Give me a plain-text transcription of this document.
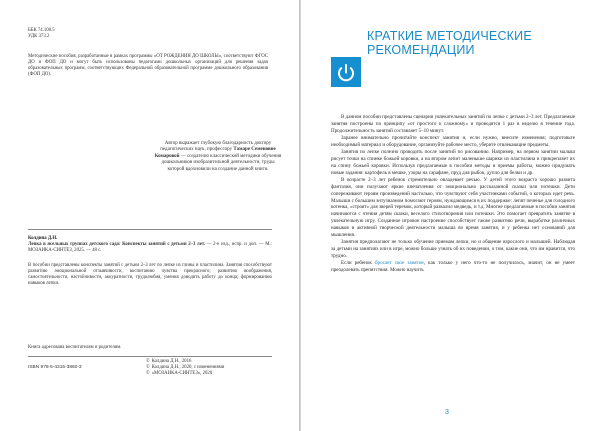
ББК 74.100.5

УДК 373.2

Методические пособия, разработанные в рамках программы «ОТ РОЖДЕНИЯ ДО ШКОЛЫ», соответствуют ФГОС ДО и ФОП ДО и могут быть использованы педагогами дошкольных организаций для решения задач образовательных программ, соответствующих Федеральной образовательной программе дошкольного образования (ФОП ДО).

Автор выражает глубокую благодарность доктору педагогических наук, профессору Тамаре Семеновне Комаровой — создателю классической методики обучения дошкольников изобразительной деятельности, труды которой вдохновили на создание данной книги.
Колдина Д.Н.

Лепка в ясельных группах детского сада: Конспекты занятий с детьми 2–3 лет. — 2-е изд., испр. и доп. — М.: МОЗАИКА-СИНТЕЗ, 2025. — 48 с.

В пособии представлены конспекты занятий с детьми 2–3 лет по лепке из глины и пластилина. Занятия способствуют развитию эмоциональной отзывчивости, воспитанию чувства прекрасного; развитию воображения, самостоятельности, настойчивости, аккуратности, трудолюбия, умения доводить работу до конца; формированию навыков лепки.

Книга адресована воспитателям и родителям.
ISBN 978-5-4315-3860-3
© Колдина Д.Н., 2016
© Колдина Д.Н., 2020, с изменениями
© «МОЗАИКА-СИНТЕЗ», 2020
КРАТКИЕ МЕТОДИЧЕСКИЕ
РЕКОМЕНДАЦИИ

В данном пособии представлены сценарии увлекательных занятий по лепке с детьми 2–3 лет. Предлагаемые занятия построены по принципу «от простого к сложному» и проводятся 1 раз в неделю в течение года. Продолжительность занятий составляет 5–10 минут.

Заранее внимательно прочитайте конспект занятия и, если нужно, внесите изменения; подготовьте необходимый материал и оборудование, организуйте рабочее место, уберите отвлекающие предметы.

Занятия по лепке полезно проводить после занятий по рисованию. Например, на первом занятии малыш рисует точки на спинке божьей коровки, а на втором лепит маленькие шарики из пластилина и прикрепляет их на спину божьей коровки. Используя предлагаемые в пособии методы и приемы работы, можно придумать новые задания: картофель в мешке, узоры на сарафане, пруд для рыбок, дупло для белки и др.

В возрасте 2–3 лет ребенок стремительно овладевает речью. У детей этого возраста хорошо развита фантазия, они получают яркие впечатления от эмоционально рассказанной сказки или потешки. Дети сопереживают героям произведений настолько, что чувствуют себя участниками событий, о которых идет речь. Малыши с большим энтузиазмом помогают героям, нуждающимся в их поддержке: лепят печенье для голодного котенка, «строят» для зверей теремок, который развалил медведь, и т.д. Многие предлагаемые в пособии занятия начинаются с чтения детям сказки, веселого стихотворения или потешки. Это помогает превратить занятие в увлекательную игру. Созданное игровое настроение способствует также развитию речи, выработке различных навыков и активной творческой деятельности малыша во время занятия, и у ребенка нет оснований для мышления.

Занятия предполагают не только обучение приемам лепки, но и общение взрослого и малышей. Наблюдая за детьми на занятиях или в игре, можно больше узнать об их поведении, о том, какие они, что им нравится, что трудно.

Если ребенок бросает свое занятие, как только у него что-то не получилось, значит, он не умеет преодолевать препятствия. Можно научить

3
